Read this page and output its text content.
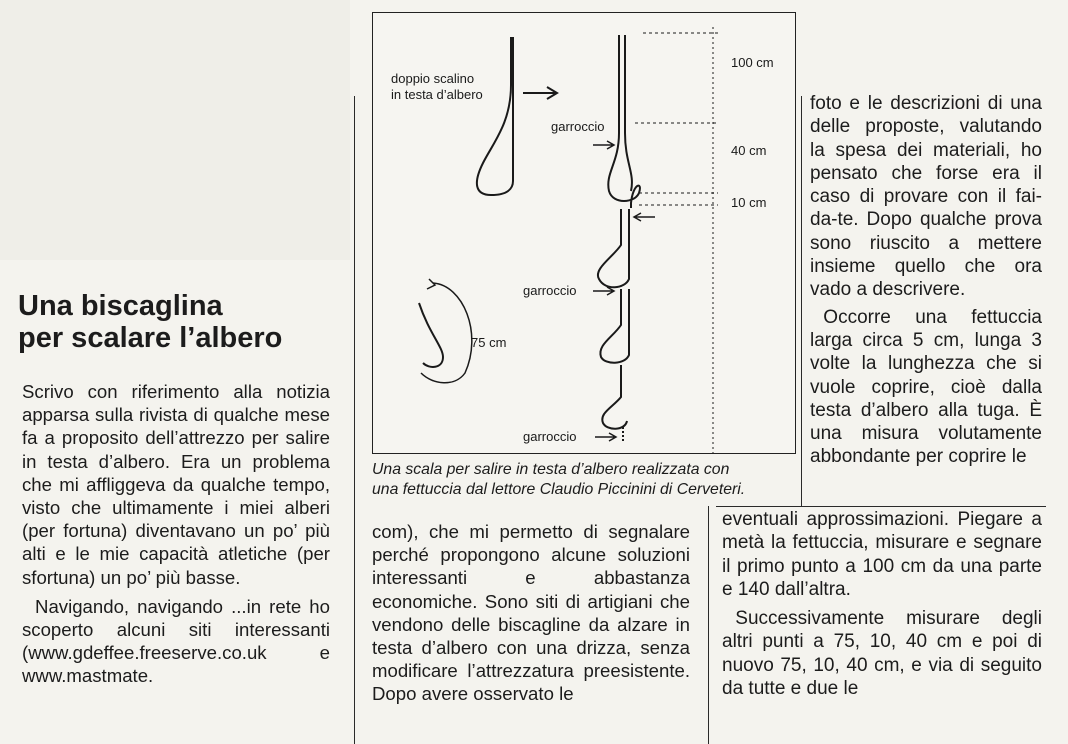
Una biscaglina
per scalare l’albero

Scrivo con riferimento alla notizia apparsa sulla rivista di qualche mese fa a proposito dell’attrezzo per salire in testa d’albero. Era un problema che mi affliggeva da qualche tempo, visto che ultimamente i miei alberi (per fortuna) diventavano un po’ più alti e le mie capacità atletiche (per sfortuna) un po’ più basse.

Navigando, navigando ...in rete ho scoperto alcuni siti interessanti (www.gdeffee.freeserve.co.uk e www.mastmate.

doppio scalino
in testa d’albero
100 cm
40 cm
10 cm
garroccio
garroccio
garroccio
75 cm

Una scala per salire in testa d’albero realizzata con
una fettuccia dal lettore Claudio Piccinini di Cerveteri.

com), che mi permetto di segnalare perché propongono alcune soluzioni interessanti e abbastanza economiche. Sono siti di artigiani che vendono delle biscagline da alzare in testa d’albero con una drizza, senza modificare l’attrezzatura preesistente. Dopo avere osservato le

foto e le descrizioni di una delle proposte, valutando la spesa dei materiali, ho pensato che forse era il caso di provare con il fai-da-te. Dopo qualche prova sono riuscito a mettere insieme quello che ora vado a descrivere.

Occorre una fettuccia larga circa 5 cm, lunga 3 volte la lunghezza che si vuole coprire, cioè dalla testa d’albero alla tuga. È una misura volutamente abbondante per coprire le

eventuali approssimazioni. Piegare a metà la fettuccia, misurare e segnare il primo punto a 100 cm da una parte e 140 dall’altra.

Successivamente misurare degli altri punti a 75, 10, 40 cm e poi di nuovo 75, 10, 40 cm, e via di seguito da tutte e due le
